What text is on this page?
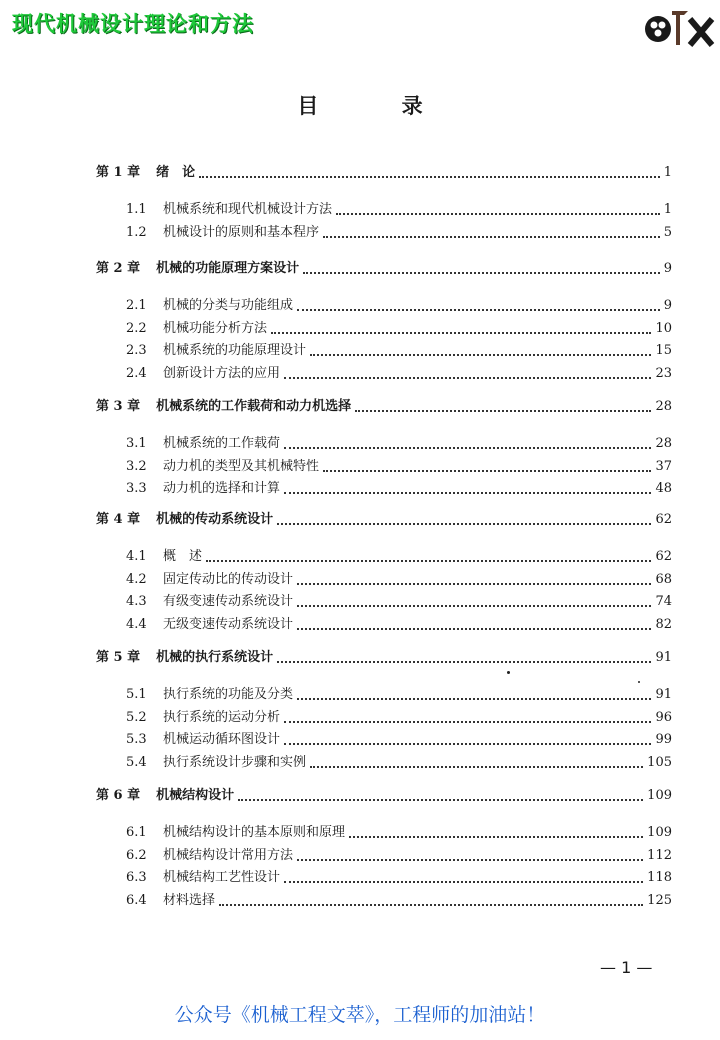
现代机械设计理论和方法
目 录
第 1 章 绪　论	1
1.1	机械系统和现代机械设计方法	1
1.2	机械设计的原则和基本程序	5
第 2 章 机械的功能原理方案设计	9
2.1	机械的分类与功能组成	9
2.2	机械功能分析方法	10
2.3	机械系统的功能原理设计	15
2.4	创新设计方法的应用	23
第 3 章 机械系统的工作载荷和动力机选择	28
3.1	机械系统的工作载荷	28
3.2	动力机的类型及其机械特性	37
3.3	动力机的选择和计算	48
第 4 章 机械的传动系统设计	62
4.1	概　述	62
4.2	固定传动比的传动设计	68
4.3	有级变速传动系统设计	74
4.4	无级变速传动系统设计	82
第 5 章 机械的执行系统设计	91
5.1	执行系统的功能及分类	91
5.2	执行系统的运动分析	96
5.3	机械运动循环图设计	99
5.4	执行系统设计步骤和实例	105
第 6 章 机械结构设计	109
6.1	机械结构设计的基本原则和原理	109
6.2	机械结构设计常用方法	112
6.3	机械结构工艺性设计	118
6.4	材料选择	125
— 1 —
公众号《机械工程文萃》，工程师的加油站！
